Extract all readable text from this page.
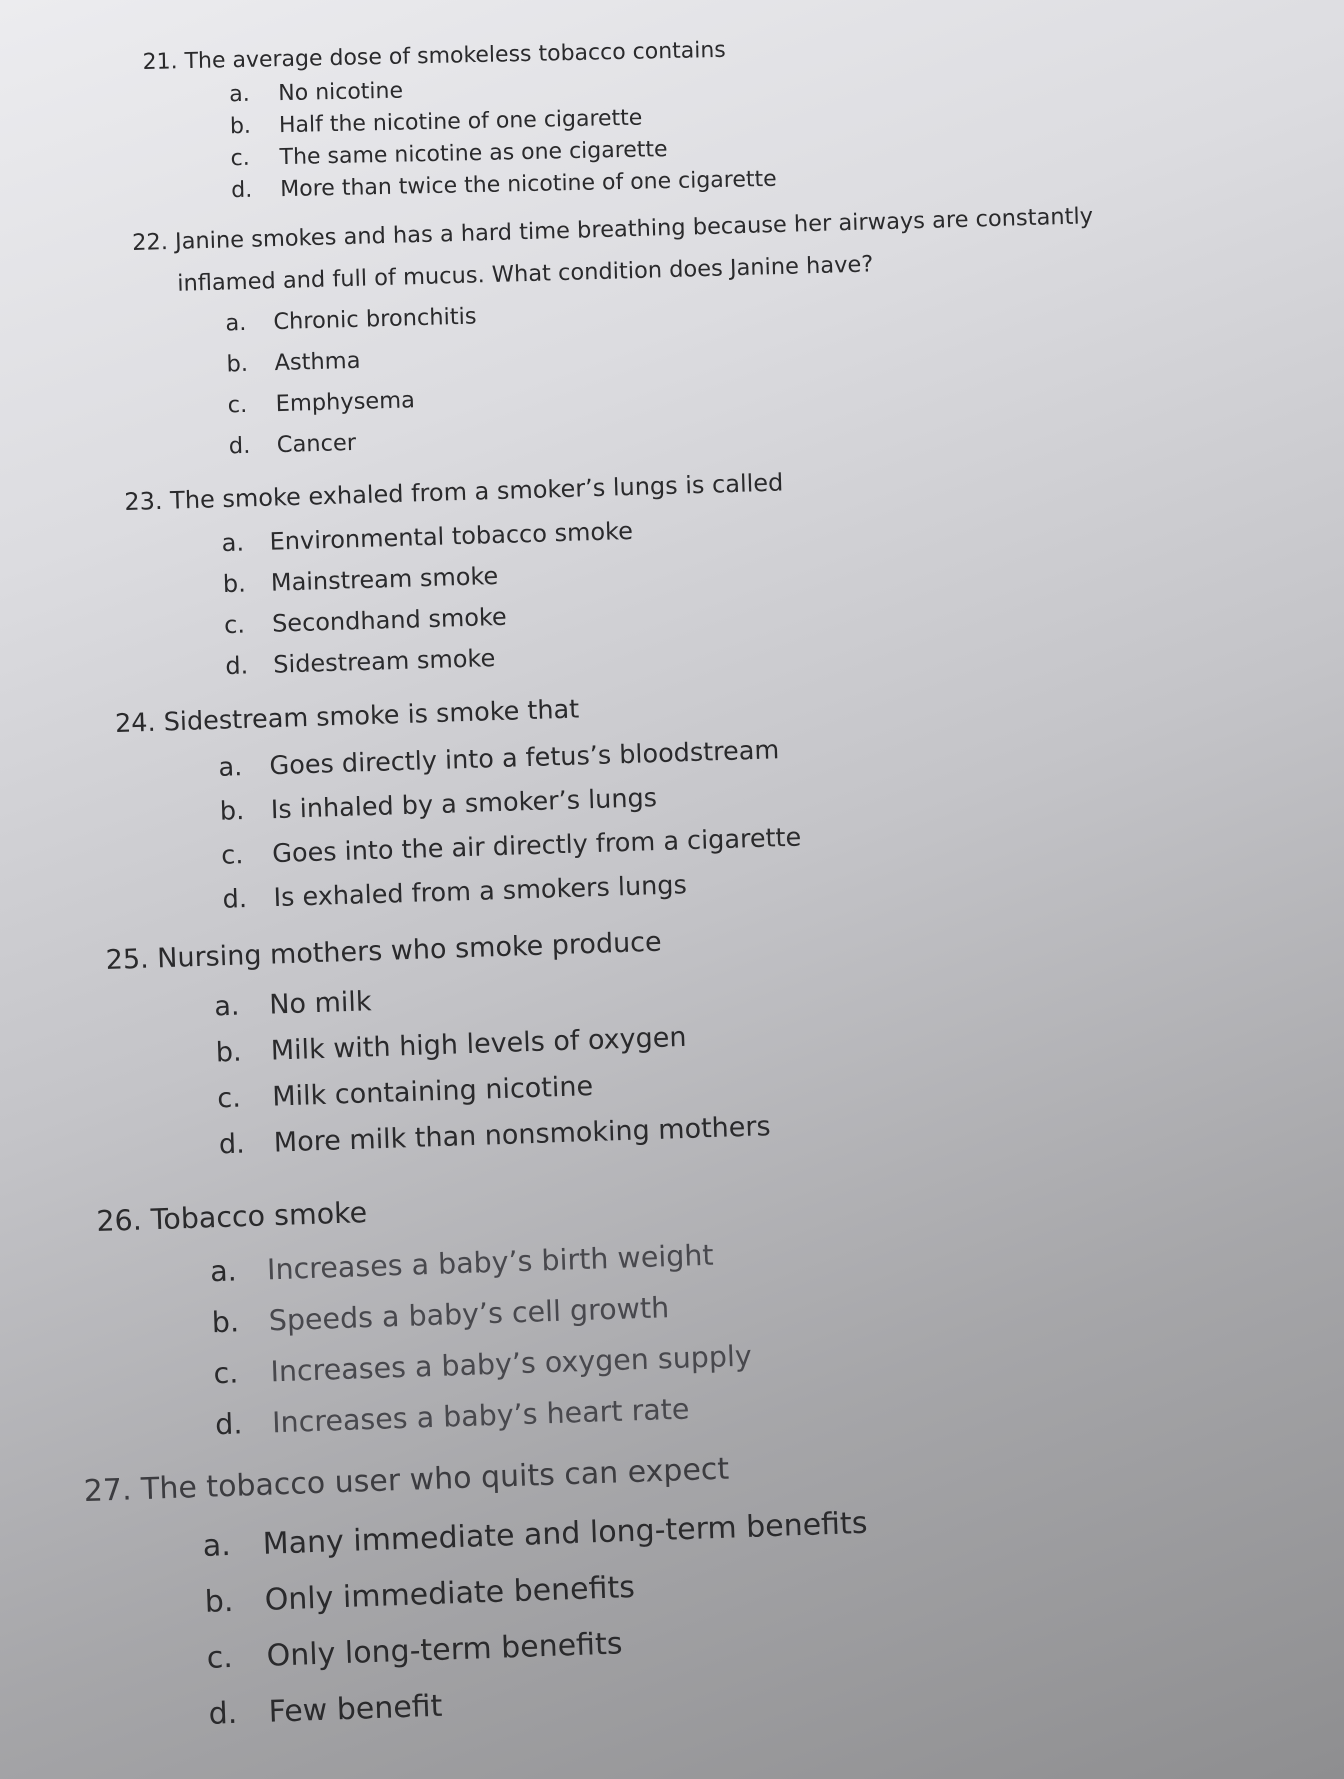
21. The average dose of smokeless tobacco contains
a. No nicotine
b. Half the nicotine of one cigarette
c. The same nicotine as one cigarette
d. More than twice the nicotine of one cigarette
22. Janine smokes and has a hard time breathing because her airways are constantly
inflamed and full of mucus. What condition does Janine have?
a. Chronic bronchitis
b. Asthma
c. Emphysema
d. Cancer
23. The smoke exhaled from a smoker’s lungs is called
a. Environmental tobacco smoke
b. Mainstream smoke
c. Secondhand smoke
d. Sidestream smoke
24. Sidestream smoke is smoke that
a. Goes directly into a fetus’s bloodstream
b. Is inhaled by a smoker’s lungs
c. Goes into the air directly from a cigarette
d. Is exhaled from a smokers lungs
25. Nursing mothers who smoke produce
a. No milk
b. Milk with high levels of oxygen
c. Milk containing nicotine
d. More milk than nonsmoking mothers
26. Tobacco smoke
a. Increases a baby’s birth weight
b. Speeds a baby’s cell growth
c. Increases a baby’s oxygen supply
d. Increases a baby’s heart rate
27. The tobacco user who quits can expect
a. Many immediate and long-term benefits
b. Only immediate benefits
c. Only long-term benefits
d. Few benefit
